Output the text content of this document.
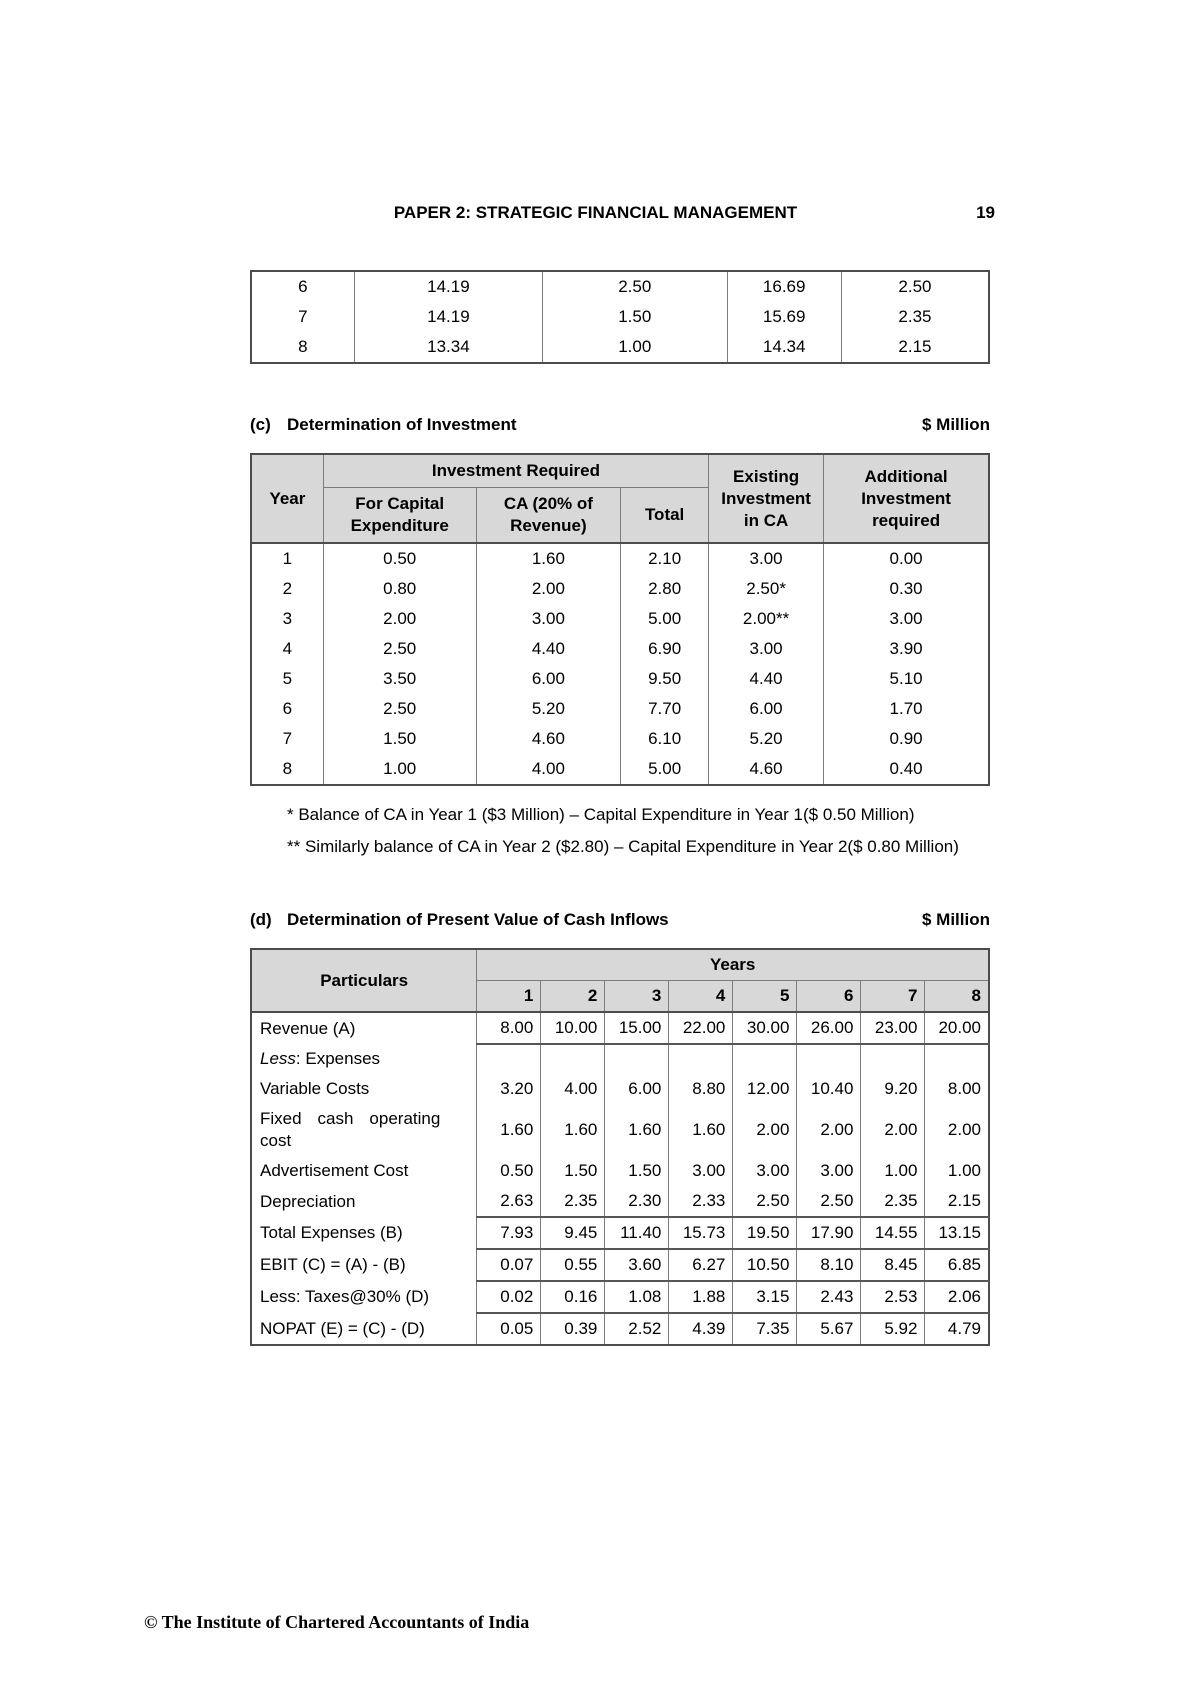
PAPER 2: STRATEGIC FINANCIAL MANAGEMENT	19
6	14.19	2.50	16.69	2.50
7	14.19	1.50	15.69	2.35
8	13.34	1.00	14.34	2.15
(c) Determination of Investment	$ Million
Year	Investment Required			Existing Investment in CA	Additional Investment required
	For Capital Expenditure	CA (20% of Revenue)	Total		
1	0.50	1.60	2.10	3.00	0.00
2	0.80	2.00	2.80	2.50*	0.30
3	2.00	3.00	5.00	2.00**	3.00
4	2.50	4.40	6.90	3.00	3.90
5	3.50	6.00	9.50	4.40	5.10
6	2.50	5.20	7.70	6.00	1.70
7	1.50	4.60	6.10	5.20	0.90
8	1.00	4.00	5.00	4.60	0.40

* Balance of CA in Year 1 ($3 Million) – Capital Expenditure in Year 1($ 0.50 Million)

** Similarly balance of CA in Year 2 ($2.80) – Capital Expenditure in Year 2($ 0.80 Million)

(d) Determination of Present Value of Cash Inflows	$ Million
Particulars	Years							
	1	2	3	4	5	6	7	8
Revenue (A)	8.00	10.00	15.00	22.00	30.00	26.00	23.00	20.00
Less: Expenses								
Variable Costs	3.20	4.00	6.00	8.80	12.00	10.40	9.20	8.00
Fixed cash operating cost	1.60	1.60	1.60	1.60	2.00	2.00	2.00	2.00
Advertisement Cost	0.50	1.50	1.50	3.00	3.00	3.00	1.00	1.00
Depreciation	2.63	2.35	2.30	2.33	2.50	2.50	2.35	2.15
Total Expenses (B)	7.93	9.45	11.40	15.73	19.50	17.90	14.55	13.15
EBIT (C) = (A) - (B)	0.07	0.55	3.60	6.27	10.50	8.10	8.45	6.85
Less: Taxes@30% (D)	0.02	0.16	1.08	1.88	3.15	2.43	2.53	2.06
NOPAT (E) = (C) - (D)	0.05	0.39	2.52	4.39	7.35	5.67	5.92	4.79
© The Institute of Chartered Accountants of India
